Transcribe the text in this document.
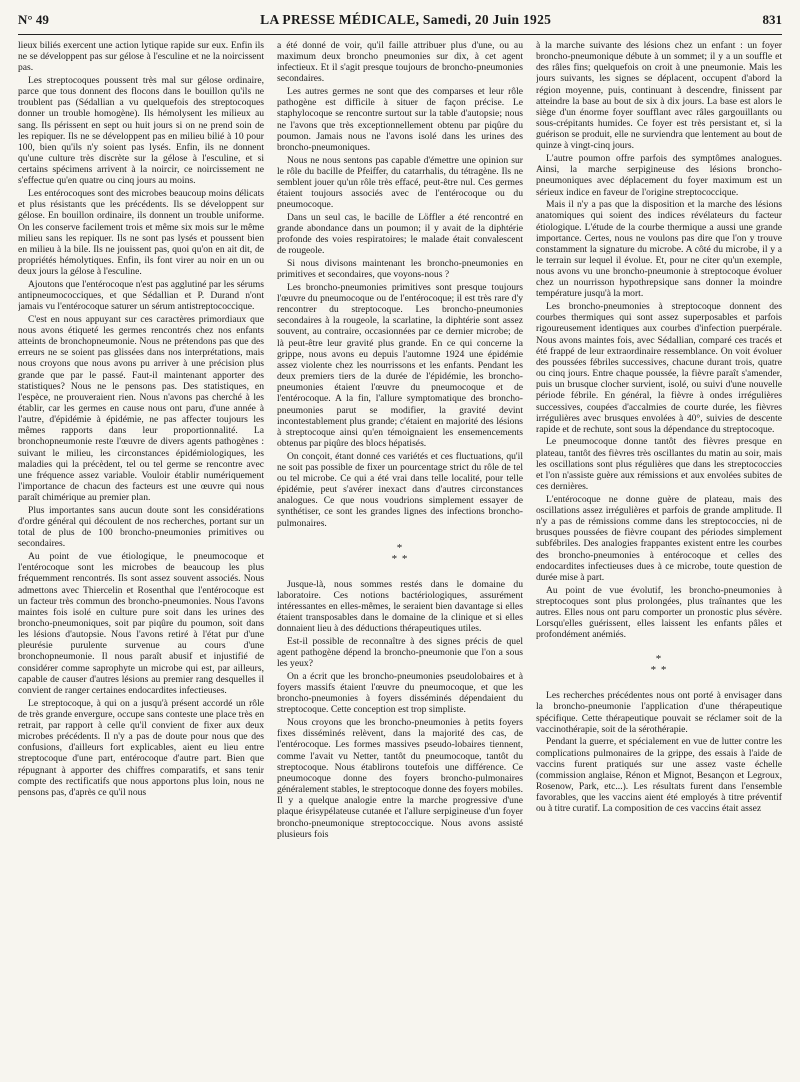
N° 49	LA PRESSE MÉDICALE, Samedi, 20 Juin 1925	831

lieux biliés exercent une action lytique rapide sur eux. Enfin ils ne se développent pas sur gélose à l'esculine et ne la noircissent pas.

Les streptocoques poussent très mal sur gélose ordinaire, parce que tous donnent des flocons dans le bouillon qu'ils ne troublent pas (Sédallian a vu quelquefois des streptocoques donner un trouble homogène). Ils hémolysent les milieux au sang. Ils périssent en sept ou huit jours si on ne prend soin de les repiquer. Ils ne se développent pas en milieu bilié à 10 pour 100, bien qu'ils n'y soient pas lysés. Enfin, ils ne donnent qu'une culture très discrète sur la gélose à l'esculine, et si certains spécimens arrivent à la noircir, ce noircissement ne s'effectue qu'en quatre ou cinq jours au moins.

Les entérocoques sont des microbes beaucoup moins délicats et plus résistants que les précédents. Ils se développent sur gélose. En bouillon ordinaire, ils donnent un trouble uniforme. On les conserve facilement trois et même six mois sur le même milieu sans les repiquer. Ils ne sont pas lysés et poussent bien en milieu à la bile. Ils ne jouissent pas, quoi qu'on en ait dit, de propriétés hémolytiques. Enfin, ils font virer au noir en un ou deux jours la gélose à l'esculine.

Ajoutons que l'entérocoque n'est pas agglutiné par les sérums antipneumococciques, et que Sédallian et P. Durand n'ont jamais vu l'entérocoque saturer un sérum antistreptococcique.

C'est en nous appuyant sur ces caractères primordiaux que nous avons étiqueté les germes rencontrés chez nos enfants atteints de bronchopneumonie. Nous ne prétendons pas que des erreurs ne se soient pas glissées dans nos interprétations, mais nous croyons que nous avons pu arriver à une précision plus grande que par le passé. Faut-il maintenant apporter des statistiques? Nous ne le pensons pas. Des statistiques, en l'espèce, ne prouveraient rien. Nous n'avons pas cherché à les établir, car les germes en cause nous ont paru, d'une année à l'autre, d'épidémie à épidémie, ne pas affecter toujours les mêmes rapports dans leur proportionnalité. La bronchopneumonie reste l'œuvre de divers agents pathogènes : suivant le milieu, les circonstances épidémiologiques, les maladies qui la précèdent, tel ou tel germe se rencontre avec une fréquence assez variable. Vouloir établir numériquement l'importance de chacun des facteurs est une œuvre qui nous paraît chimérique au premier plan.

Plus importantes sans aucun doute sont les considérations d'ordre général qui découlent de nos recherches, portant sur un total de plus de 100 broncho-pneumonies primitives ou secondaires.

Au point de vue étiologique, le pneumocoque et l'entérocoque sont les microbes de beaucoup les plus fréquemment rencontrés. Ils sont assez souvent associés. Nous admettons avec Thiercelin et Rosenthal que l'entérocoque est un facteur très commun des broncho-pneumonies. Nous l'avons maintes fois isolé en culture pure soit dans les urines des broncho-pneumoniques, soit par piqûre du poumon, soit dans les lésions d'autopsie. Nous l'avons retiré à l'état pur d'une pleurésie purulente survenue au cours d'une bronchopneumonie. Il nous paraît abusif et injustifié de considérer comme saprophyte un microbe qui est, par ailleurs, capable de causer d'autres lésions au premier rang desquelles il convient de ranger certaines endocardites infectieuses.

Le streptocoque, à qui on a jusqu'à présent accordé un rôle de très grande envergure, occupe sans conteste une place très en retrait, par rapport à celle qu'il convient de fixer aux deux microbes précédents. Il n'y a pas de doute pour nous que des confusions, d'ailleurs fort explicables, aient eu lieu entre streptocoque d'une part, entérocoque d'autre part. Bien que répugnant à apporter des chiffres comparatifs, et sans tenir compte des rectificatifs que nous apportons plus loin, nous ne pensons pas, d'après ce qu'il nous

a été donné de voir, qu'il faille attribuer plus d'une, ou au maximum deux broncho pneumonies sur dix, à cet agent infectieux. Et il s'agit presque toujours de broncho-pneumonies secondaires.

Les autres germes ne sont que des comparses et leur rôle pathogène est difficile à situer de façon précise. Le staphylocoque se rencontre surtout sur la table d'autopsie; nous ne l'avons que très exceptionnellement obtenu par piqûre du poumon. Jamais nous ne l'avons isolé dans les urines des broncho-pneumoniques.

Nous ne nous sentons pas capable d'émettre une opinion sur le rôle du bacille de Pfeiffer, du catarrhalis, du tétragène. Ils ne semblent jouer qu'un rôle très effacé, peut-être nul. Ces germes étaient toujours associés avec de l'entérocoque ou du pneumocoque.

Dans un seul cas, le bacille de Löffler a été rencontré en grande abondance dans un poumon; il y avait de la diphtérie profonde des voies respiratoires; le malade était convalescent de rougeole.

Si nous divisons maintenant les broncho-pneumonies en primitives et secondaires, que voyons-nous ?

Les broncho-pneumonies primitives sont presque toujours l'œuvre du pneumocoque ou de l'entérocoque; il est très rare d'y rencontrer du streptocoque. Les broncho-pneumonies secondaires à la rougeole, la scarlatine, la diphtérie sont assez souvent, au contraire, occasionnées par ce dernier microbe; de là peut-être leur gravité plus grande. En ce qui concerne la grippe, nous avons eu depuis l'automne 1924 une épidémie assez violente chez les nourrissons et les enfants. Pendant les deux premiers tiers de la durée de l'épidémie, les broncho-pneumonies étaient l'œuvre du pneumocoque et de l'entérocoque. A la fin, l'allure symptomatique des broncho-pneumonies parut se modifier, la gravité devint incontestablement plus grande; c'étaient en majorité des lésions à streptocoque ainsi qu'en témoignaient les ensemencements obtenus par piqûre des blocs hépatisés.

On conçoit, étant donné ces variétés et ces fluctuations, qu'il ne soit pas possible de fixer un pourcentage strict du rôle de tel ou tel microbe. Ce qui a été vrai dans telle localité, pour telle épidémie, peut s'avérer inexact dans d'autres circonstances analogues. Ce que nous voudrions simplement essayer de synthétiser, ce sont les grandes lignes des infections broncho-pulmonaires.

*
* *

Jusque-là, nous sommes restés dans le domaine du laboratoire. Ces notions bactériologiques, assurément intéressantes en elles-mêmes, le seraient bien davantage si elles étaient transposables dans le domaine de la clinique et si elles donnaient lieu à des déductions thérapeutiques utiles.

Est-il possible de reconnaître à des signes précis de quel agent pathogène dépend la broncho-pneumonie que l'on a sous les yeux?

On a écrit que les broncho-pneumonies pseudolobaires et à foyers massifs étaient l'œuvre du pneumocoque, et que les broncho-pneumonies à foyers disséminés dépendaient du streptocoque. Cette conception est trop simpliste.

Nous croyons que les broncho-pneumonies à petits foyers fixes disséminés relèvent, dans la majorité des cas, de l'entérocoque. Les formes massives pseudo-lobaires tiennent, comme l'avait vu Netter, tantôt du pneumocoque, tantôt du streptocoque. Nous établirons toutefois une différence. Ce pneumocoque donne des foyers broncho-pulmonaires généralement stables, le streptocoque donne des foyers mobiles. Il y a quelque analogie entre la marche progressive d'une plaque érisypélateuse cutanée et l'allure serpigineuse d'un foyer broncho-pneumonique streptococcique. Nous avons assisté plusieurs fois

à la marche suivante des lésions chez un enfant : un foyer broncho-pneumonique débute à un sommet; il y a un souffle et des râles fins; quelquefois on croit à une pneumonie. Mais les jours suivants, les signes se déplacent, occupent d'abord la région moyenne, puis, continuant à descendre, finissent par atteindre la base au bout de six à dix jours. La base est alors le siège d'un énorme foyer soufflant avec râles gargouillants ou sous-crépitants humides. Ce foyer est très persistant et, si la guérison se produit, elle ne surviendra que lentement au bout de quinze à vingt-cinq jours.

L'autre poumon offre parfois des symptômes analogues. Ainsi, la marche serpigineuse des lésions broncho-pneumoniques avec déplacement du foyer maximum est un sérieux indice en faveur de l'origine streptococcique.

Mais il n'y a pas que la disposition et la marche des lésions anatomiques qui soient des indices révélateurs du facteur étiologique. L'étude de la courbe thermique a aussi une grande importance. Certes, nous ne voulons pas dire que l'on y trouve constamment la signature du microbe. A côté du microbe, il y a le terrain sur lequel il évolue. Et, pour ne citer qu'un exemple, nous avons vu une broncho-pneumonie à streptocoque évoluer chez un nourrisson hypothrepsique sans donner la moindre température jusqu'à la mort.

Les broncho-pneumonies à streptocoque donnent des courbes thermiques qui sont assez superposables et parfois rigoureusement identiques aux courbes d'infection puerpérale. Nous avons maintes fois, avec Sédallian, comparé ces tracés et été frappé de leur extraordinaire ressemblance. On voit évoluer des poussées fébriles successives, chacune durant trois, quatre ou cinq jours. Entre chaque poussée, la fièvre paraît s'amender, puis un brusque clocher survient, isolé, ou suivi d'une nouvelle période fébrile. En général, la fièvre à ondes irrégulières successives, coupées d'accalmies de courte durée, les fièvres irrégulières avec brusques envolées à 40°, suivies de descente rapide et de rechute, sont sous la dépendance du streptocoque.

Le pneumocoque donne tantôt des fièvres presque en plateau, tantôt des fièvres très oscillantes du matin au soir, mais les oscillations sont plus régulières que dans les streptococcies et l'on n'assiste guère aux rémissions et aux envolées subites de ces dernières.

L'entérocoque ne donne guère de plateau, mais des oscillations assez irrégulières et parfois de grande amplitude. Il n'y a pas de rémissions comme dans les streptococcies, ni de brusques poussées de fièvre coupant des périodes simplement subfébriles. Des analogies frappantes existent entre les courbes des broncho-pneumonies à entérocoque et celles des endocardites infectieuses dues à ce microbe, toute question de durée mise à part.

Au point de vue évolutif, les broncho-pneumonies à streptocoques sont plus prolongées, plus traînantes que les autres. Elles nous ont paru comporter un pronostic plus sévère. Lorsqu'elles guérissent, elles laissent les enfants pâles et profondément anémiés.

*
* *

Les recherches précédentes nous ont porté à envisager dans la broncho-pneumonie l'application d'une thérapeutique spécifique. Cette thérapeutique pouvait se réclamer soit de la vaccinothérapie, soit de la sérothérapie.

Pendant la guerre, et spécialement en vue de lutter contre les complications pulmonaires de la grippe, des essais à l'aide de vaccins furent pratiqués sur une assez vaste échelle (commission anglaise, Rénon et Mignot, Besançon et Legroux, Rosenow, Park, etc...). Les résultats furent dans l'ensemble favorables, que les vaccins aient été employés à titre préventif ou à titre curatif. La composition de ces vaccins était assez
